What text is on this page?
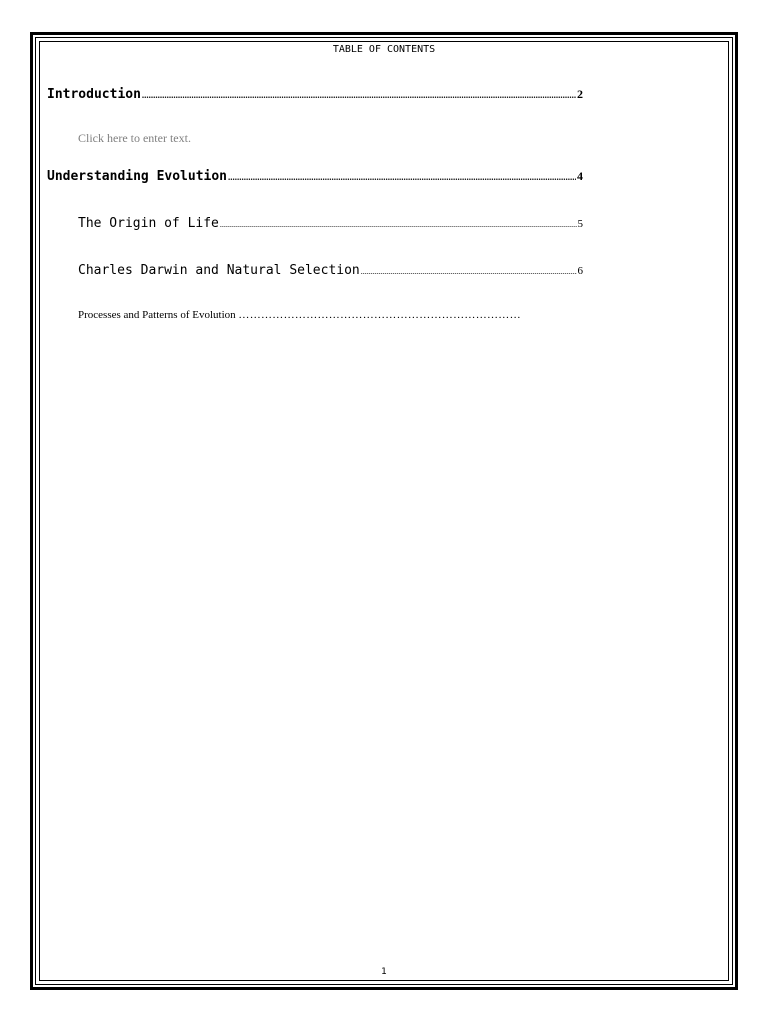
TABLE OF CONTENTS
Introduction .....	2
Click here to enter text.
Understanding Evolution .....	4
The Origin of Life .....	5
Charles Darwin and Natural Selection .....	6
Processes and Patterns of Evolution …………………………………………………………………
1
